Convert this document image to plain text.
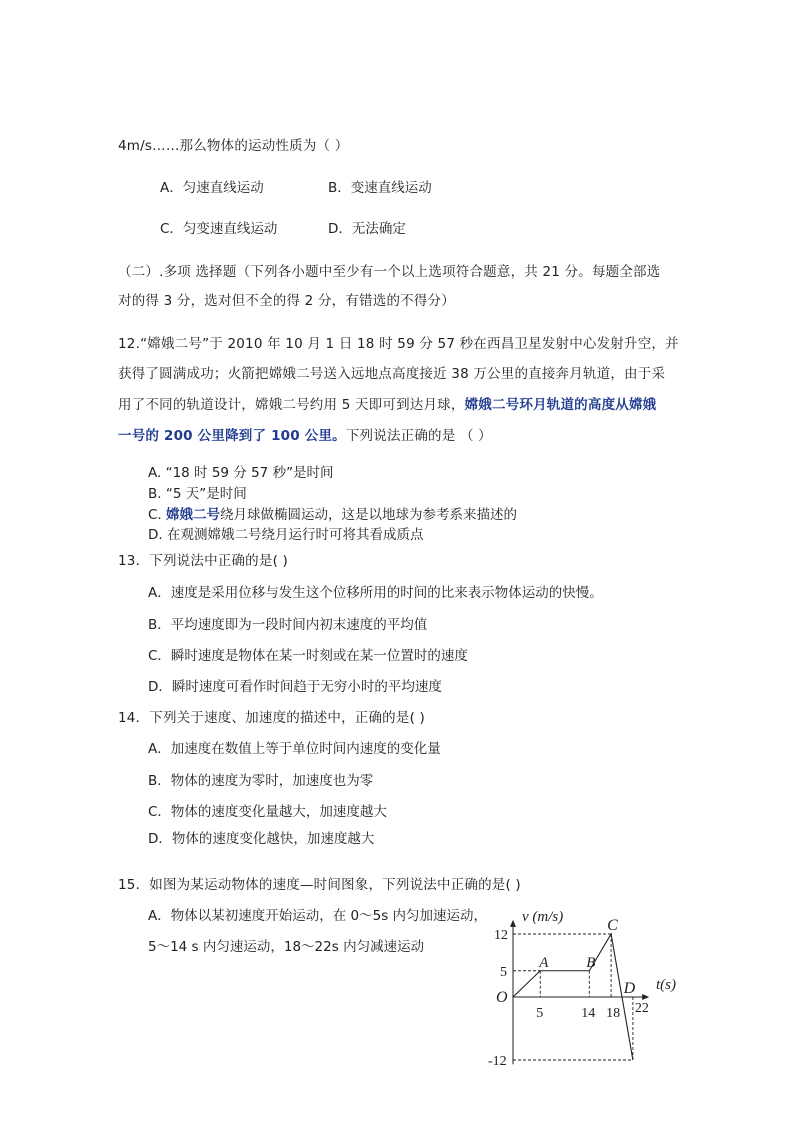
4m/s……那么物体的运动性质为（ ）
A．匀速直线运动	B．变速直线运动
C．匀变速直线运动	D．无法确定
（二）.多项 选择题（下列各小题中至少有一个以上选项符合题意，共 21 分。每题全部选
对的得 3 分，选对但不全的得 2 分，有错选的不得分）
12.“嫦娥二号”于 2010 年 10 月 1 日 18 时 59 分 57 秒在西昌卫星发射中心发射升空，并
获得了圆满成功；火箭把嫦娥二号送入远地点高度接近 38 万公里的直接奔月轨道，由于采
用了不同的轨道设计，嫦娥二号约用 5 天即可到达月球，嫦娥二号环月轨道的高度从嫦娥
一号的 200 公里降到了 100 公里。下列说法正确的是 （ ）
A. “18 时 59 分 57 秒”是时间
B. “5 天”是时间
C. 嫦娥二号绕月球做椭圆运动，这是以地球为参考系来描述的
D. 在观测嫦娥二号绕月运行时可将其看成质点
13．下列说法中正确的是( )
A．速度是采用位移与发生这个位移所用的时间的比来表示物体运动的快慢。
B．平均速度即为一段时间内初末速度的平均值
C．瞬时速度是物体在某一时刻或在某一位置时的速度
D．瞬时速度可看作时间趋于无穷小时的平均速度
14．下列关于速度、加速度的描述中，正确的是( )
A．加速度在数值上等于单位时间内速度的变化量
B．物体的速度为零时，加速度也为零
C．物体的速度变化量越大，加速度越大
D．物体的速度变化越快，加速度越大
15．如图为某运动物体的速度—时间图象，下列说法中正确的是( )
A．物体以某初速度开始运动，在 0～5s 内匀加速运动，
5～14 s 内匀速运动，18～22s 内匀减速运动
5	14 18 22
12
5
-12
O
A	B
C
D
v (m/s)
t(s)
